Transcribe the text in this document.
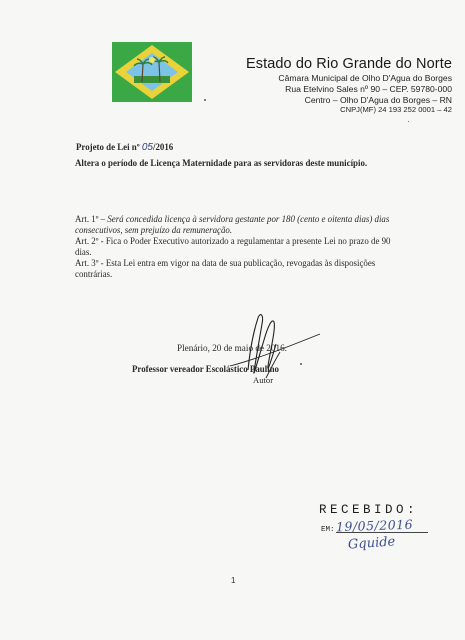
Estado do Rio Grande do Norte
Câmara Municipal de Olho D'Agua do Borges
Rua Etelvino Sales nº 90 – CEP. 59780-000
Centro – Olho D'Agua do Borges – RN
CNPJ(MF) 24 193 252 0001 – 42
Projeto de Lei nº 05/2016
Altera o período de Licença Maternidade para as servidoras deste município.

Art. 1º – Será concedida licença à servidora gestante por 180 (cento e oitenta dias) dias consecutivos, sem prejuízo da remuneração.

Art. 2º - Fica o Poder Executivo autorizado a regulamentar a presente Lei no prazo de 90 dias.

Art. 3º - Esta Lei entra em vigor na data de sua publicação, revogadas às disposições contrárias.

Plenário, 20 de maio de 2016.
Professor vereador Escolástico Paulino
Autor
RECEBIDO:
EM: 19/05/2016
Gquide
1
